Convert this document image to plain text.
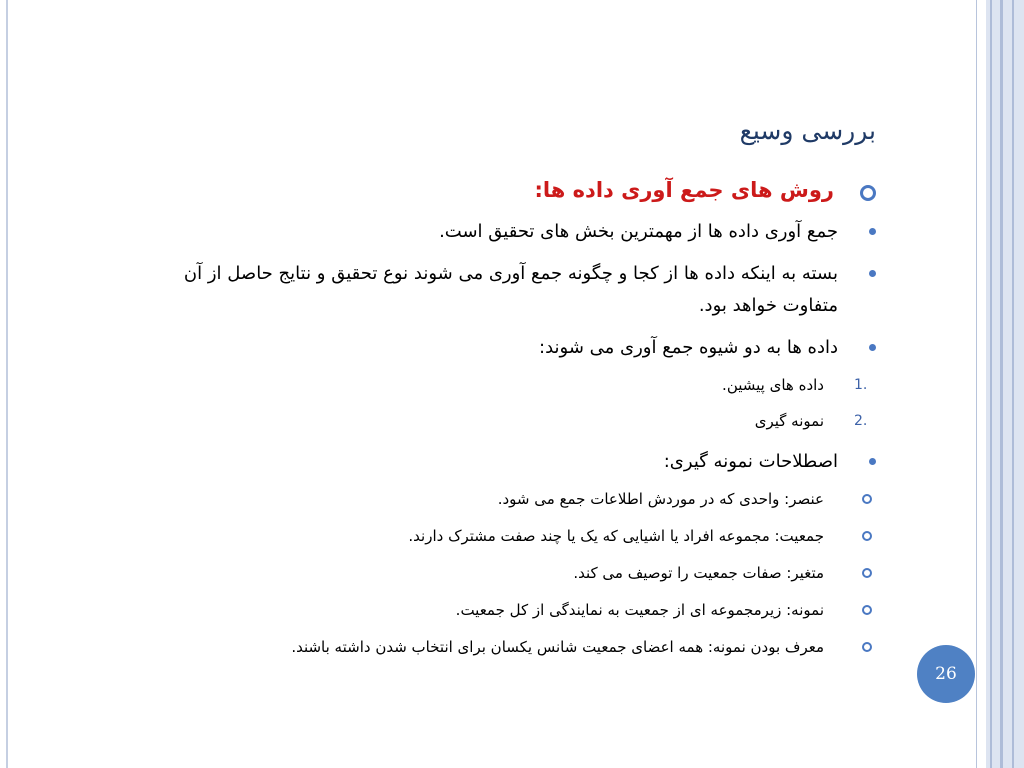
بررسی وسیع
روش های جمع آوری داده ها:
جمع آوری داده ها از مهمترین بخش های تحقیق است.
بسته به اینکه داده ها از کجا و چگونه جمع آوری می شوند نوع تحقیق و نتایج حاصل از آن متفاوت خواهد بود.
داده ها به دو شیوه جمع آوری می شوند:
1.
داده های پیشین.
2.
نمونه گیری
اصطلاحات نمونه گیری:
عنصر: واحدی که در موردش اطلاعات جمع می شود.
جمعیت: مجموعه افراد یا اشیایی که یک یا چند صفت مشترک دارند.
متغیر: صفات جمعیت را توصیف می کند.
نمونه: زیرمجموعه ای از جمعیت به نمایندگی از کل جمعیت.
معرف بودن نمونه: همه اعضای جمعیت شانس یکسان برای انتخاب شدن داشته باشند.
26
